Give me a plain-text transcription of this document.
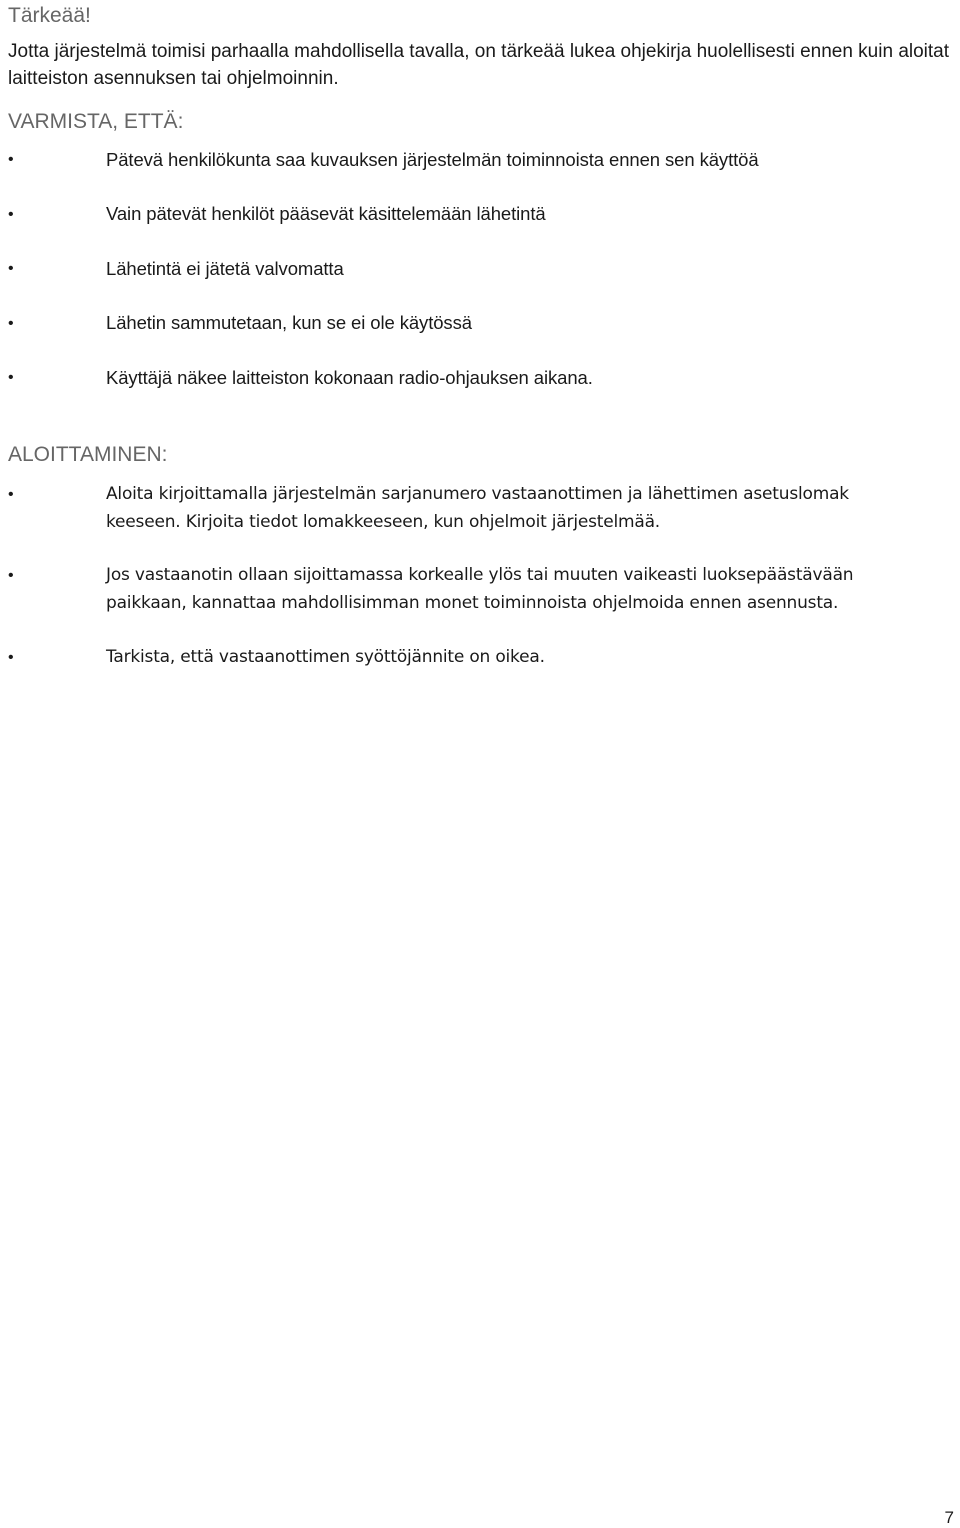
Tärkeää!

Jotta järjestelmä toimisi parhaalla mahdollisella tavalla, on tärkeää lukea ohjekirja huolellisesti ennen kuin aloitat laitteiston asennuksen tai ohjelmoinnin.

VARMISTA, ETTÄ:
•	Pätevä henkilökunta saa kuvauksen järjestelmän toiminnoista ennen sen käyttöä

•	Vain pätevät henkilöt pääsevät käsittelemään lähetintä

•	Lähetintä ei jätetä valvomatta

•	Lähetin sammutetaan, kun se ei ole käytössä

•	Käyttäjä näkee laitteiston kokonaan radio-ohjauksen aikana.

ALOITTAMINEN:
•	Aloita kirjoittamalla järjestelmän sarjanumero vastaanottimen ja lähettimen asetuslomak keeseen. Kirjoita tiedot lomakkeeseen, kun ohjelmoit järjestelmää.

•	Jos vastaanotin ollaan sijoittamassa korkealle ylös tai muuten vaikeasti luoksepäästävään paikkaan, kannattaa mahdollisimman monet toiminnoista ohjelmoida ennen asennusta.

•	Tarkista, että vastaanottimen syöttöjännite on oikea.

7
